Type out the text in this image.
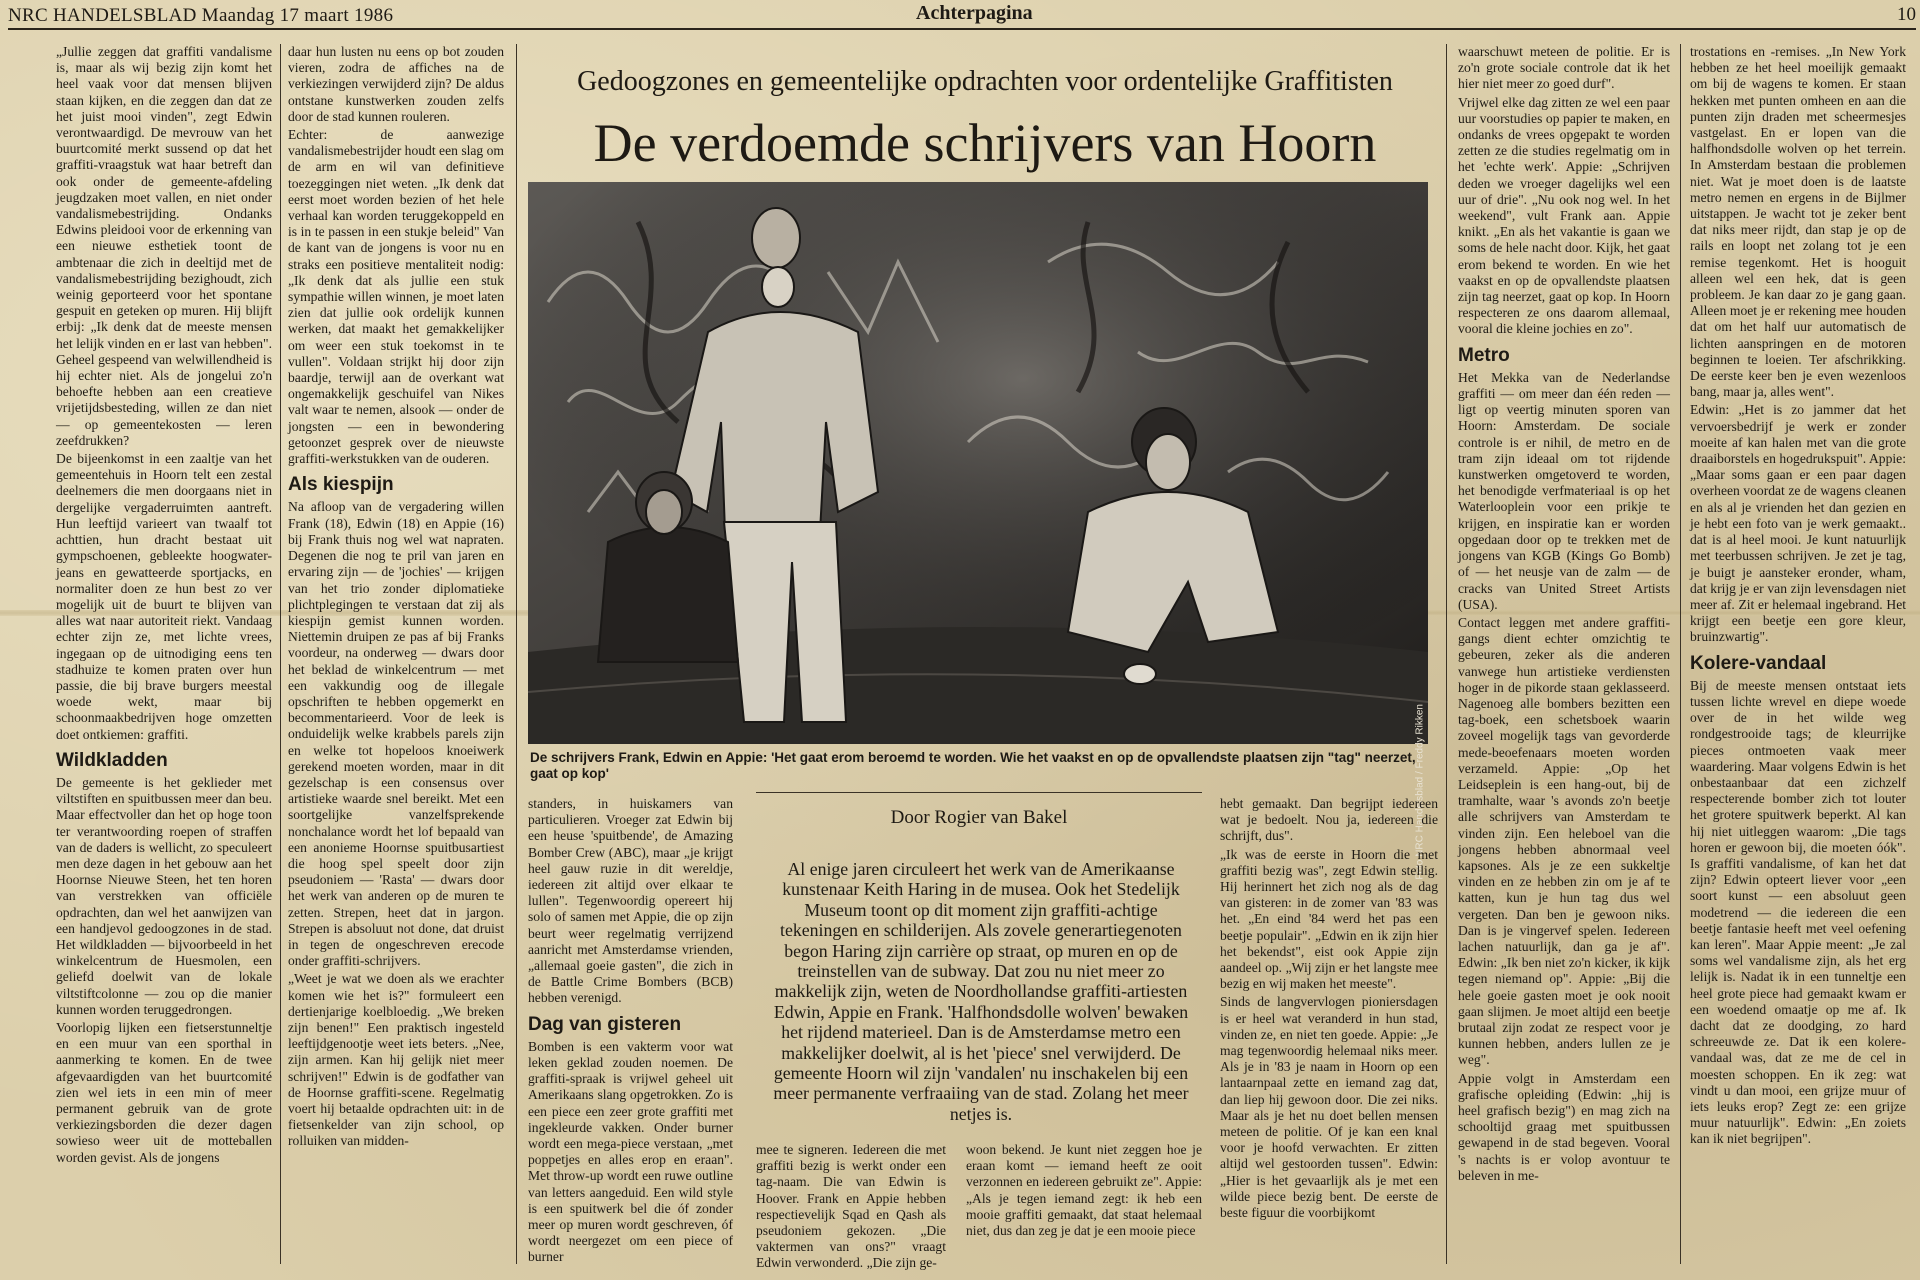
NRC HANDELSBLAD Maandag 17 maart 1986	Achterpagina	10

„Jullie zeggen dat graffiti vandalisme is, maar als wij bezig zijn komt het heel vaak voor dat mensen blijven staan kijken, en die zeggen dan dat ze het juist mooi vinden", zegt Edwin verontwaardigd. De mevrouw van het buurtcomité merkt sussend op dat het graffiti-vraagstuk wat haar betreft dan ook onder de gemeente-afdeling jeugdzaken moet vallen, en niet onder vandalismebestrijding. Ondanks Edwins pleidooi voor de erkenning van een nieuwe esthetiek toont de ambtenaar die zich in deeltijd met de vandalismebestrijding bezighoudt, zich weinig geporteerd voor het spontane gespuit en geteken op muren. Hij blijft erbij: „Ik denk dat de meeste mensen het lelijk vinden en er last van hebben". Geheel gespeend van welwillendheid is hij echter niet. Als de jongelui zo'n behoefte hebben aan een creatieve vrijetijdsbesteding, willen ze dan niet — op gemeentekosten — leren zeefdrukken?

De bijeenkomst in een zaaltje van het gemeentehuis in Hoorn telt een zestal deelnemers die men doorgaans niet in dergelijke vergaderruimten aantreft. Hun leeftijd varieert van twaalf tot achttien, hun dracht bestaat uit gympschoenen, gebleekte hoogwater-jeans en gewatteerde sportjacks, en normaliter doen ze hun best zo ver mogelijk uit de buurt te blijven van alles wat naar autoriteit riekt. Vandaag echter zijn ze, met lichte vrees, ingegaan op de uitnodiging eens ten stadhuize te komen praten over hun passie, die bij brave burgers meestal woede wekt, maar bij schoonmaakbedrijven hoge omzetten doet ontkiemen: graffiti.

Wildkladden

De gemeente is het geklieder met viltstiften en spuitbussen meer dan beu. Maar effectvoller dan het op hoge toon ter verantwoording roepen of straffen van de daders is wellicht, zo speculeert men deze dagen in het gebouw aan het Hoornse Nieuwe Steen, het ten horen van verstrekken van officiële opdrachten, dan wel het aanwijzen van een handjevol gedoogzones in de stad. Het wildkladden — bijvoorbeeld in het winkelcentrum de Huesmolen, een geliefd doelwit van de lokale viltstiftcolonne — zou op die manier kunnen worden teruggedrongen.

Voorlopig lijken een fietserstunneltje en een muur van een sporthal in aanmerking te komen. En de twee afgevaardigden van het buurtcomité zien wel iets in een min of meer permanent gebruik van de grote verkiezingsborden die dezer dagen sowieso weer uit de motteballen worden gevist. Als de jongens

daar hun lusten nu eens op bot zouden vieren, zodra de affiches na de verkiezingen verwijderd zijn? De aldus ontstane kunstwerken zouden zelfs door de stad kunnen rouleren.

Echter: de aanwezige vandalismebestrijder houdt een slag om de arm en wil van definitieve toezeggingen niet weten. „Ik denk dat eerst moet worden bezien of het hele verhaal kan worden teruggekoppeld en is in te passen in een stukje beleid" Van de kant van de jongens is voor nu en straks een positieve mentaliteit nodig: „Ik denk dat als jullie een stuk sympathie willen winnen, je moet laten zien dat jullie ook ordelijk kunnen werken, dat maakt het gemakkelijker om weer een stuk toekomst in te vullen". Voldaan strijkt hij door zijn baardje, terwijl aan de overkant wat ongemakkelijk geschuifel van Nikes valt waar te nemen, alsook — onder de jongsten — een in bewondering getoonzet gesprek over de nieuwste graffiti-werkstukken van de ouderen.

Als kiespijn

Na afloop van de vergadering willen Frank (18), Edwin (18) en Appie (16) bij Frank thuis nog wel wat napraten. Degenen die nog te pril van jaren en ervaring zijn — de 'jochies' — krijgen van het trio zonder diplomatieke plichtplegingen te verstaan dat zij als kiespijn gemist kunnen worden. Niettemin druipen ze pas af bij Franks voordeur, na onderweg — dwars door het beklad de winkelcentrum — met een vakkundig oog de illegale opschriften te hebben opgemerkt en becommentarieerd. Voor de leek is onduidelijk welke krabbels parels zijn en welke tot hopeloos knoeiwerk gerekend moeten worden, maar in dit gezelschap is een consensus over artistieke waarde snel bereikt. Met een soortgelijke vanzelfsprekende nonchalance wordt het lof bepaald van een anonieme Hoornse spuitbusartiest die hoog spel speelt door zijn pseudoniem — 'Rasta' — dwars door het werk van anderen op de muren te zetten. Strepen, heet dat in jargon. Strepen is absoluut not done, dat druist in tegen de ongeschreven erecode onder graffiti-schrijvers.

„Weet je wat we doen als we erachter komen wie het is?" formuleert een dertienjarige koelbloedig. „We breken zijn benen!" Een praktisch ingesteld leeftijdgenootje weet iets beters. „Nee, zijn armen. Kan hij gelijk niet meer schrijven!" Edwin is de godfather van de Hoornse graffiti-scene. Regelmatig voert hij betaalde opdrachten uit: in de fietsenkelder van zijn school, op rolluiken van midden-

Gedoogzones en gemeentelijke opdrachten voor ordentelijke Graffitisten
De verdoemde schrijvers van Hoorn
Foto NRC Handelsblad / Freddy Rikken
De schrijvers Frank, Edwin en Appie: 'Het gaat erom beroemd te worden. Wie het vaakst en op de opvallendste plaatsen zijn "tag" neerzet, gaat op kop'

standers, in huiskamers van particulieren. Vroeger zat Edwin bij een heuse 'spuitbende', de Amazing Bomber Crew (ABC), maar „je krijgt heel gauw ruzie in dit wereldje, iedereen zit altijd over elkaar te lullen". Tegenwoordig opereert hij solo of samen met Appie, die op zijn beurt weer regelmatig verrijzend aanricht met Amsterdamse vrienden, „allemaal goeie gasten", die zich in de Battle Crime Bombers (BCB) hebben verenigd.

Dag van gisteren

Bomben is een vakterm voor wat leken geklad zouden noemen. De graffiti-spraak is vrijwel geheel uit Amerikaans slang opgetrokken. Zo is een piece een zeer grote graffiti met ingekleurde vakken. Onder burner wordt een mega-piece verstaan, „met poppetjes en alles erop en eraan". Met throw-up wordt een ruwe outline van letters aangeduid. Een wild style is een spuitwerk bel die óf zonder meer op muren wordt geschreven, óf wordt neergezet om een piece of burner

Door Rogier van Bakel
Al enige jaren circuleert het werk van de Amerikaanse kunstenaar Keith Haring in de musea. Ook het Stedelijk Museum toont op dit moment zijn graffiti-achtige tekeningen en schilderijen. Als zovele generartiegenoten begon Haring zijn carrière op straat, op muren en op de treinstellen van de subway. Dat zou nu niet meer zo makkelijk zijn, weten de Noordhollandse graffiti-artiesten Edwin, Appie en Frank. 'Halfhondsdolle wolven' bewaken het rijdend materieel. Dan is de Amsterdamse metro een makkelijker doelwit, al is het 'piece' snel verwijderd. De gemeente Hoorn wil zijn 'vandalen' nu inschakelen bij een meer permanente verfraaiing van de stad. Zolang het meer netjes is.

mee te signeren. Iedereen die met graffiti bezig is werkt onder een tag-naam. Die van Edwin is Hoover. Frank en Appie hebben respectievelijk Sqad en Qash als pseudoniem gekozen. „Die vaktermen van ons?" vraagt Edwin verwonderd. „Die zijn ge-

woon bekend. Je kunt niet zeggen hoe je eraan komt — iemand heeft ze ooit verzonnen en iedereen gebruikt ze". Appie: „Als je tegen iemand zegt: ik heb een mooie graffiti gemaakt, dat staat helemaal niet, dus dan zeg je dat je een mooie piece

hebt gemaakt. Dan begrijpt iedereen wat je bedoelt. Nou ja, iedereen die schrijft, dus".

„Ik was de eerste in Hoorn die met graffiti bezig was", zegt Edwin stellig. Hij herinnert het zich nog als de dag van gisteren: in de zomer van '83 was het. „En eind '84 werd het pas een beetje populair". „Edwin en ik zijn hier het bekendst", eist ook Appie zijn aandeel op. „Wij zijn er het langste mee bezig en wij maken het meeste".

Sinds de langvervlogen pioniersdagen is er heel wat veranderd in hun stad, vinden ze, en niet ten goede. Appie: „Je mag tegenwoordig helemaal niks meer. Als je in '83 je naam in Hoorn op een lantaarnpaal zette en iemand zag dat, dan liep hij gewoon door. Die zei niks. Maar als je het nu doet bellen mensen meteen de politie. Of je kan een knal voor je hoofd verwachten. Er zitten altijd wel gestoorden tussen". Edwin: „Hier is het gevaarlijk als je met een wilde piece bezig bent. De eerste de beste figuur die voorbijkomt

waarschuwt meteen de politie. Er is zo'n grote sociale controle dat ik het hier niet meer zo goed durf".

Vrijwel elke dag zitten ze wel een paar uur voorstudies op papier te maken, en ondanks de vrees opgepakt te worden zetten ze die studies regelmatig om in het 'echte werk'. Appie: „Schrijven deden we vroeger dagelijks wel een uur of drie". „Nu ook nog wel. In het weekend", vult Frank aan. Appie knikt. „En als het vakantie is gaan we soms de hele nacht door. Kijk, het gaat erom bekend te worden. En wie het vaakst en op de opvallendste plaatsen zijn tag neerzet, gaat op kop. In Hoorn respecteren ze ons daarom allemaal, vooral die kleine jochies en zo".

Metro

Het Mekka van de Nederlandse graffiti — om meer dan één reden — ligt op veertig minuten sporen van Hoorn: Amsterdam. De sociale controle is er nihil, de metro en de tram zijn ideaal om tot rijdende kunstwerken omgetoverd te worden, het benodigde verfmateriaal is op het Waterlooplein voor een prikje te krijgen, en inspiratie kan er worden opgedaan door op te trekken met de jongens van KGB (Kings Go Bomb) of — het neusje van de zalm — de cracks van United Street Artists (USA).

Contact leggen met andere graffiti-gangs dient echter omzichtig te gebeuren, zeker als die anderen vanwege hun artistieke verdiensten hoger in de pikorde staan geklasseerd. Nagenoeg alle bombers bezitten een tag-boek, een schetsboek waarin zoveel mogelijk tags van gevorderde mede-beoefenaars moeten worden verzameld. Appie: „Op het Leidseplein is een hang-out, bij de tramhalte, waar 's avonds zo'n beetje alle schrijvers van Amsterdam te vinden zijn. Een heleboel van die jongens hebben abnormaal veel kapsones. Als je ze een sukkeltje vinden en ze hebben zin om je af te katten, kun je hun tag dus wel vergeten. Dan ben je gewoon niks. Dan is je vingervef spelen. Iedereen lachen natuurlijk, dan ga je af". Edwin: „Ik ben niet zo'n kicker, ik kijk tegen niemand op". Appie: „Bij die hele goeie gasten moet je ook nooit gaan slijmen. Je moet altijd een beetje brutaal zijn zodat ze respect voor je kunnen hebben, anders lullen ze je weg".

Appie volgt in Amsterdam een grafische opleiding (Edwin: „hij is heel grafisch bezig") en mag zich na schooltijd graag met spuitbussen gewapend in de stad begeven. Vooral 's nachts is er volop avontuur te beleven in me-

trostations en -remises. „In New York hebben ze het heel moeilijk gemaakt om bij de wagens te komen. Er staan hekken met punten omheen en aan die punten zijn draden met scheermesjes vastgelast. En er lopen van die halfhondsdolle wolven op het terrein. In Amsterdam bestaan die problemen niet. Wat je moet doen is de laatste metro nemen en ergens in de Bijlmer uitstappen. Je wacht tot je zeker bent dat niks meer rijdt, dan stap je op de rails en loopt net zolang tot je een remise tegenkomt. Het is hooguit alleen wel een hek, dat is geen probleem. Je kan daar zo je gang gaan. Alleen moet je er rekening mee houden dat om het half uur automatisch de lichten aanspringen en de motoren beginnen te loeien. Ter afschrikking. De eerste keer ben je even wezenloos bang, maar ja, alles went".

Edwin: „Het is zo jammer dat het vervoersbedrijf je werk er zonder moeite af kan halen met van die grote draaiborstels en hogedrukspuit". Appie: „Maar soms gaan er een paar dagen overheen voordat ze de wagens cleanen en als al je vrienden het dan gezien en je hebt een foto van je werk gemaakt.. dat is al heel mooi. Je kunt natuurlijk met teerbussen schrijven. Je zet je tag, je buigt je aansteker eronder, wham, dat krijg je er van zijn levensdagen niet meer af. Zit er helemaal ingebrand. Het krijgt een beetje een gore kleur, bruinzwartig".

Kolere-vandaal

Bij de meeste mensen ontstaat iets tussen lichte wrevel en diepe woede over de in het wilde weg rondgestrooide tags; de kleurrijke pieces ontmoeten vaak meer waardering. Maar volgens Edwin is het onbestaanbaar dat een zichzelf respecterende bomber zich tot louter het grotere spuitwerk beperkt. Al kan hij niet uitleggen waarom: „Die tags horen er gewoon bij, die moeten óók". Is graffiti vandalisme, of kan het dat zijn? Edwin opteert liever voor „een soort kunst — een absoluut geen modetrend — die iedereen die een beetje fantasie heeft met veel oefening kan leren". Maar Appie meent: „Je zal soms wel vandalisme zijn, als het erg lelijk is. Nadat ik in een tunneltje een heel grote piece had gemaakt kwam er een woedend omaatje op me af. Ik dacht dat ze doodging, zo hard schreeuwde ze. Dat ik een kolere-vandaal was, dat ze me de cel in moesten schoppen. En ik zeg: wat vindt u dan mooi, een grijze muur of iets leuks erop? Zegt ze: een grijze muur natuurlijk". Edwin: „En zoiets kan ik niet begrijpen".
